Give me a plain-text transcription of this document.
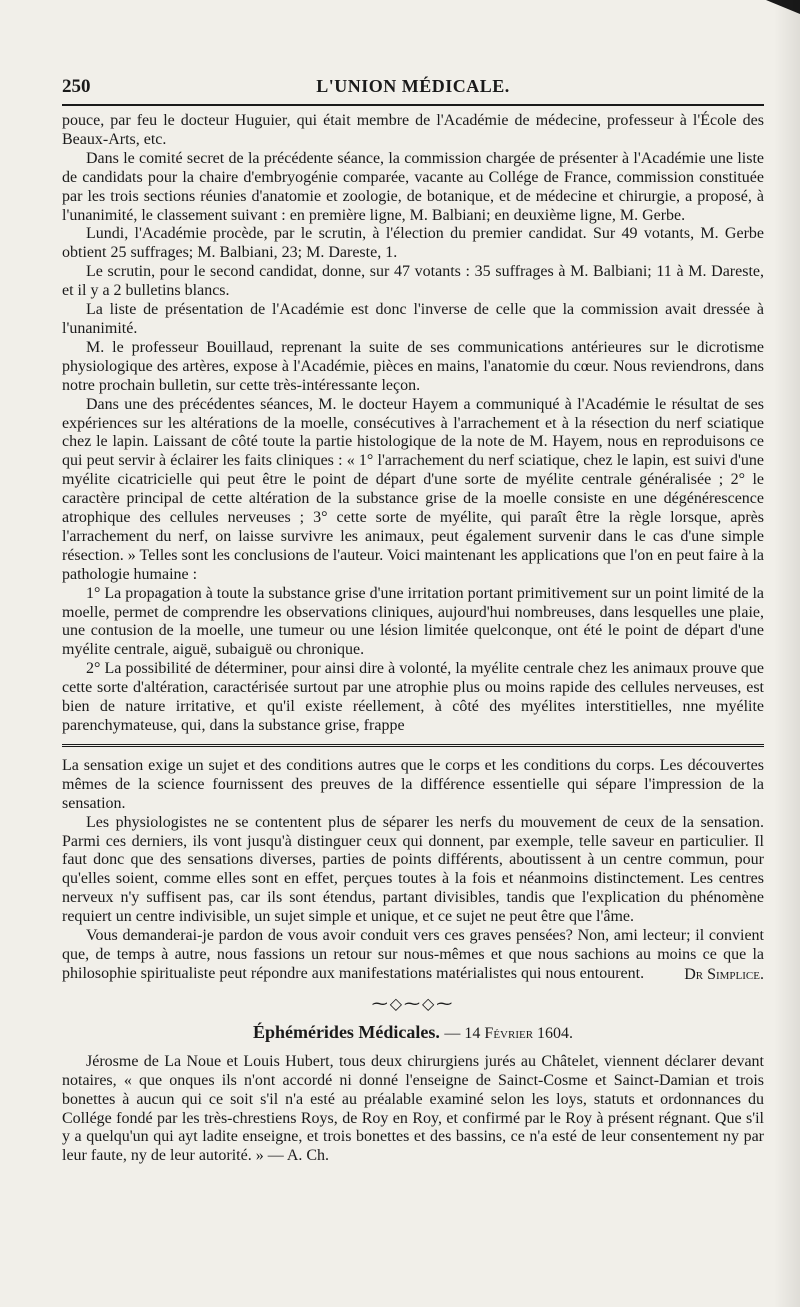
250	L'UNION MÉDICALE.

pouce, par feu le docteur Huguier, qui était membre de l'Académie de médecine, professeur à l'École des Beaux-Arts, etc.

Dans le comité secret de la précédente séance, la commission chargée de présenter à l'Académie une liste de candidats pour la chaire d'embryogénie comparée, vacante au Collége de France, commission constituée par les trois sections réunies d'anatomie et zoologie, de botanique, et de médecine et chirurgie, a proposé, à l'unanimité, le classement suivant : en première ligne, M. Balbiani; en deuxième ligne, M. Gerbe.

Lundi, l'Académie procède, par le scrutin, à l'élection du premier candidat. Sur 49 votants, M. Gerbe obtient 25 suffrages; M. Balbiani, 23; M. Dareste, 1.

Le scrutin, pour le second candidat, donne, sur 47 votants : 35 suffrages à M. Balbiani; 11 à M. Dareste, et il y a 2 bulletins blancs.

La liste de présentation de l'Académie est donc l'inverse de celle que la commission avait dressée à l'unanimité.

M. le professeur Bouillaud, reprenant la suite de ses communications antérieures sur le dicrotisme physiologique des artères, expose à l'Académie, pièces en mains, l'anatomie du cœur. Nous reviendrons, dans notre prochain bulletin, sur cette très-intéressante leçon.

Dans une des précédentes séances, M. le docteur Hayem a communiqué à l'Académie le résultat de ses expériences sur les altérations de la moelle, consécutives à l'arrachement et à la résection du nerf sciatique chez le lapin. Laissant de côté toute la partie histologique de la note de M. Hayem, nous en reproduisons ce qui peut servir à éclairer les faits cliniques : « 1° l'arrachement du nerf sciatique, chez le lapin, est suivi d'une myélite cicatricielle qui peut être le point de départ d'une sorte de myélite centrale généralisée ; 2° le caractère principal de cette altération de la substance grise de la moelle consiste en une dégénérescence atrophique des cellules nerveuses ; 3° cette sorte de myélite, qui paraît être la règle lorsque, après l'arrachement du nerf, on laisse survivre les animaux, peut également survenir dans le cas d'une simple résection. » Telles sont les conclusions de l'auteur. Voici maintenant les applications que l'on en peut faire à la pathologie humaine :

1° La propagation à toute la substance grise d'une irritation portant primitivement sur un point limité de la moelle, permet de comprendre les observations cliniques, aujourd'hui nombreuses, dans lesquelles une plaie, une contusion de la moelle, une tumeur ou une lésion limitée quelconque, ont été le point de départ d'une myélite centrale, aiguë, subaiguë ou chronique.

2° La possibilité de déterminer, pour ainsi dire à volonté, la myélite centrale chez les animaux prouve que cette sorte d'altération, caractérisée surtout par une atrophie plus ou moins rapide des cellules nerveuses, est bien de nature irritative, et qu'il existe réellement, à côté des myélites interstitielles, nne myélite parenchymateuse, qui, dans la substance grise, frappe

La sensation exige un sujet et des conditions autres que le corps et les conditions du corps. Les découvertes mêmes de la science fournissent des preuves de la différence essentielle qui sépare l'impression de la sensation.

Les physiologistes ne se contentent plus de séparer les nerfs du mouvement de ceux de la sensation. Parmi ces derniers, ils vont jusqu'à distinguer ceux qui donnent, par exemple, telle saveur en particulier. Il faut donc que des sensations diverses, parties de points différents, aboutissent à un centre commun, pour qu'elles soient, comme elles sont en effet, perçues toutes à la fois et néanmoins distinctement. Les centres nerveux n'y suffisent pas, car ils sont étendus, partant divisibles, tandis que l'explication du phénomène requiert un centre indivisible, un sujet simple et unique, et ce sujet ne peut être que l'âme.

Vous demanderai-je pardon de vous avoir conduit vers ces graves pensées? Non, ami lecteur; il convient que, de temps à autre, nous fassions un retour sur nous-mêmes et que nous sachions au moins ce que la philosophie spiritualiste peut répondre aux manifestations matérialistes qui nous entourent.	Dr Simplice.
⁓◇⁓◇⁓
Éphémérides Médicales. — 14 Février 1604.

Jérosme de La Noue et Louis Hubert, tous deux chirurgiens jurés au Châtelet, viennent déclarer devant notaires, « que onques ils n'ont accordé ni donné l'enseigne de Sainct-Cosme et Sainct-Damian et trois bonettes à aucun qui ce soit s'il n'a esté au préalable examiné selon les loys, statuts et ordonnances du Collége fondé par les très-chrestiens Roys, de Roy en Roy, et confirmé par le Roy à présent régnant. Que s'il y a quelqu'un qui ayt ladite enseigne, et trois bonettes et des bassins, ce n'a esté de leur consentement ny par leur faute, ny de leur autorité. » — A. Ch.
